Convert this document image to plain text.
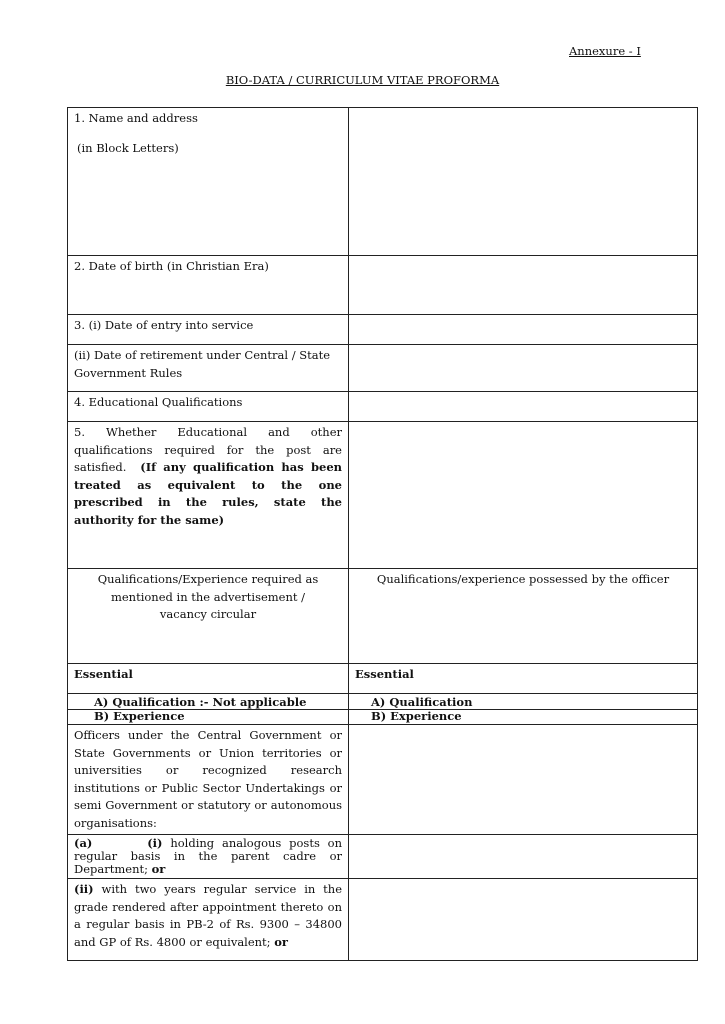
Annexure - I
BIO-DATA / CURRICULUM VITAE PROFORMA
1. Name and address
(in Block Letters)	

2. Date of birth (in Christian Era)	
3. (i) Date of entry into service	
(ii) Date of retirement under Central / State Government Rules	
4. Educational Qualifications	
5. Whether Educational and other qualifications required for the post are satisfied. (If any qualification has been treated as equivalent to the one prescribed in the rules, state the authority for the same)	
Qualifications/Experience required as mentioned in the advertisement / vacancy circular	Qualifications/experience possessed by the officer
Essential	Essential
A) Qualification :- Not applicable	A) Qualification
B) Experience	B) Experience
Officers under the Central Government or State Governments or Union territories or universities or recognized research institutions or Public Sector Undertakings or semi Government or statutory or autonomous organisations:	
(a) (i) holding analogous posts on regular basis in the parent cadre or Department; or	
(ii) with two years regular service in the grade rendered after appointment thereto on a regular basis in PB-2 of Rs. 9300 – 34800 and GP of Rs. 4800 or equivalent; or	
